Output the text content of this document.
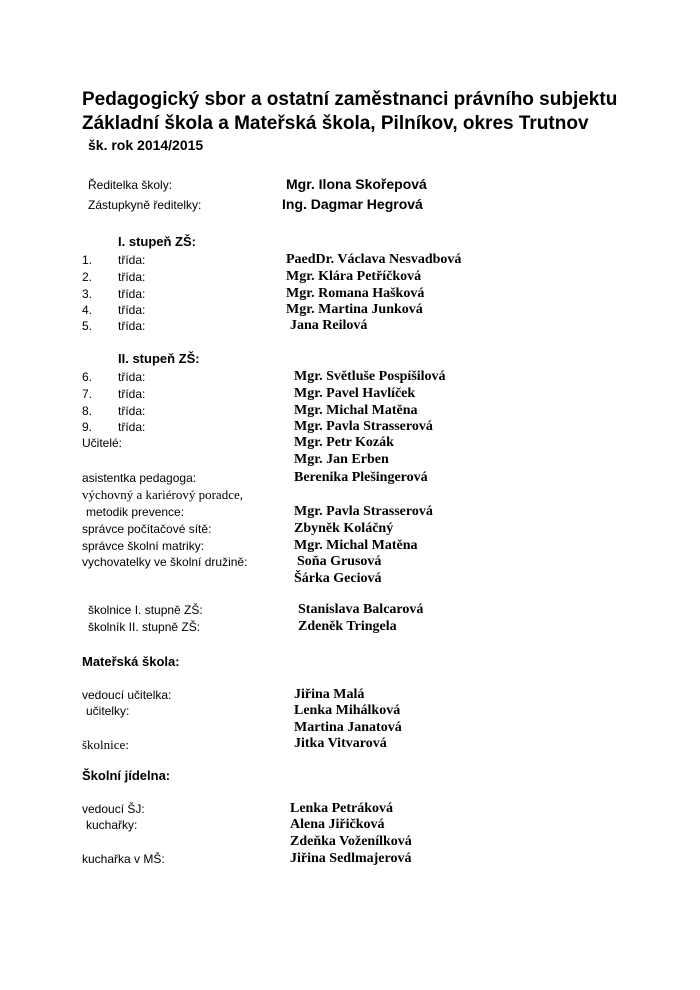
Pedagogický sbor a ostatní zaměstnanci právního subjektu
Základní škola a Mateřská škola, Pilníkov, okres Trutnov
šk. rok 2014/2015
Ředitelka školy:	Mgr. Ilona Skořepová
Zástupkyně ředitelky:	Ing. Dagmar Hegrová
I. stupeň ZŠ:
1. třída:	PaedDr. Václava Nesvadbová
2. třída:	Mgr. Klára Petříčková
3. třída:	Mgr. Romana Hašková
4. třída:	Mgr. Martina Junková
5. třída:	Jana Reilová
II. stupeň ZŠ:
6. třída:	Mgr. Světluše Pospíšilová
7. třída:	Mgr. Pavel Havlíček
8. třída:	Mgr. Michal Matěna
9. třída:	Mgr. Pavla Strasserová
Učitelé:	Mgr. Petr Kozák
Mgr. Jan Erben
asistentka pedagoga:	Berenika Plešingerová
výchovný a kariérový poradce,
metodik prevence:	Mgr. Pavla Strasserová
správce počítačové sítě:	Zbyněk Koláčný
správce školní matriky:	Mgr. Michal Matěna
vychovatelky ve školní družině:	Soňa Grusová
Šárka Geciová
školnice I. stupně ZŠ:	Stanislava Balcarová
školník II. stupně ZŠ:	Zdeněk Tringela
Mateřská škola:
vedoucí učitelka:	Jiřina Malá
učitelky:	Lenka Mihálková
Martina Janatová
školnice:	Jitka Vitvarová
Školní jídelna:
vedoucí ŠJ:	Lenka Petráková
kuchařky:	Alena Jiřičková
Zdeňka Voženílková
kuchařka v MŠ:	Jiřina Sedlmajerová
